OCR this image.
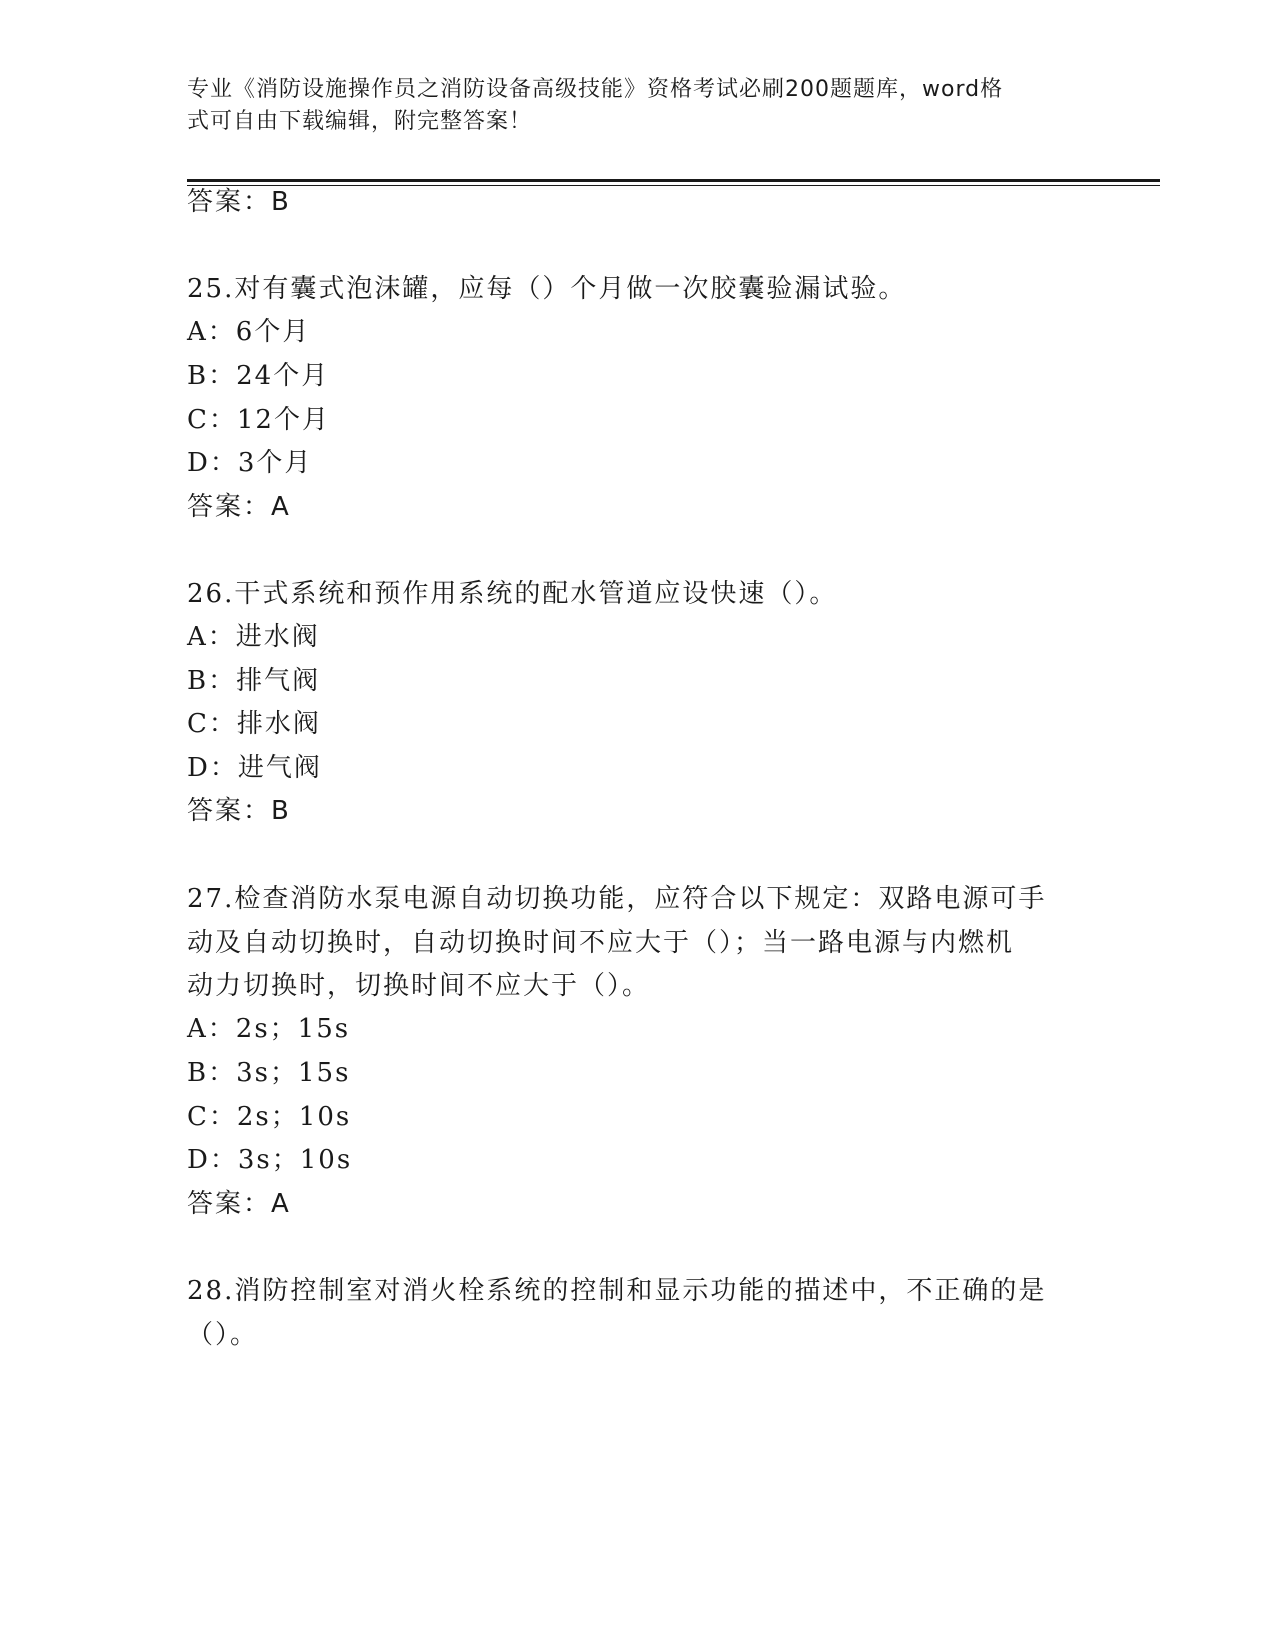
专业《消防设施操作员之消防设备高级技能》资格考试必刷200题题库，word格
式可自由下载编辑，附完整答案！
答案：B
25.对有囊式泡沫罐，应每（）个月做一次胶囊验漏试验。
A：6个月
B：24个月
C：12个月
D：3个月
答案：A
26.干式系统和预作用系统的配水管道应设快速（）。
A：进水阀
B：排气阀
C：排水阀
D：进气阀
答案：B
27.检查消防水泵电源自动切换功能，应符合以下规定：双路电源可手
动及自动切换时，自动切换时间不应大于（）；当一路电源与内燃机
动力切换时，切换时间不应大于（）。
A：2s；15s
B：3s；15s
C：2s；10s
D：3s；10s
答案：A
28.消防控制室对消火栓系统的控制和显示功能的描述中，不正确的是
（）。
